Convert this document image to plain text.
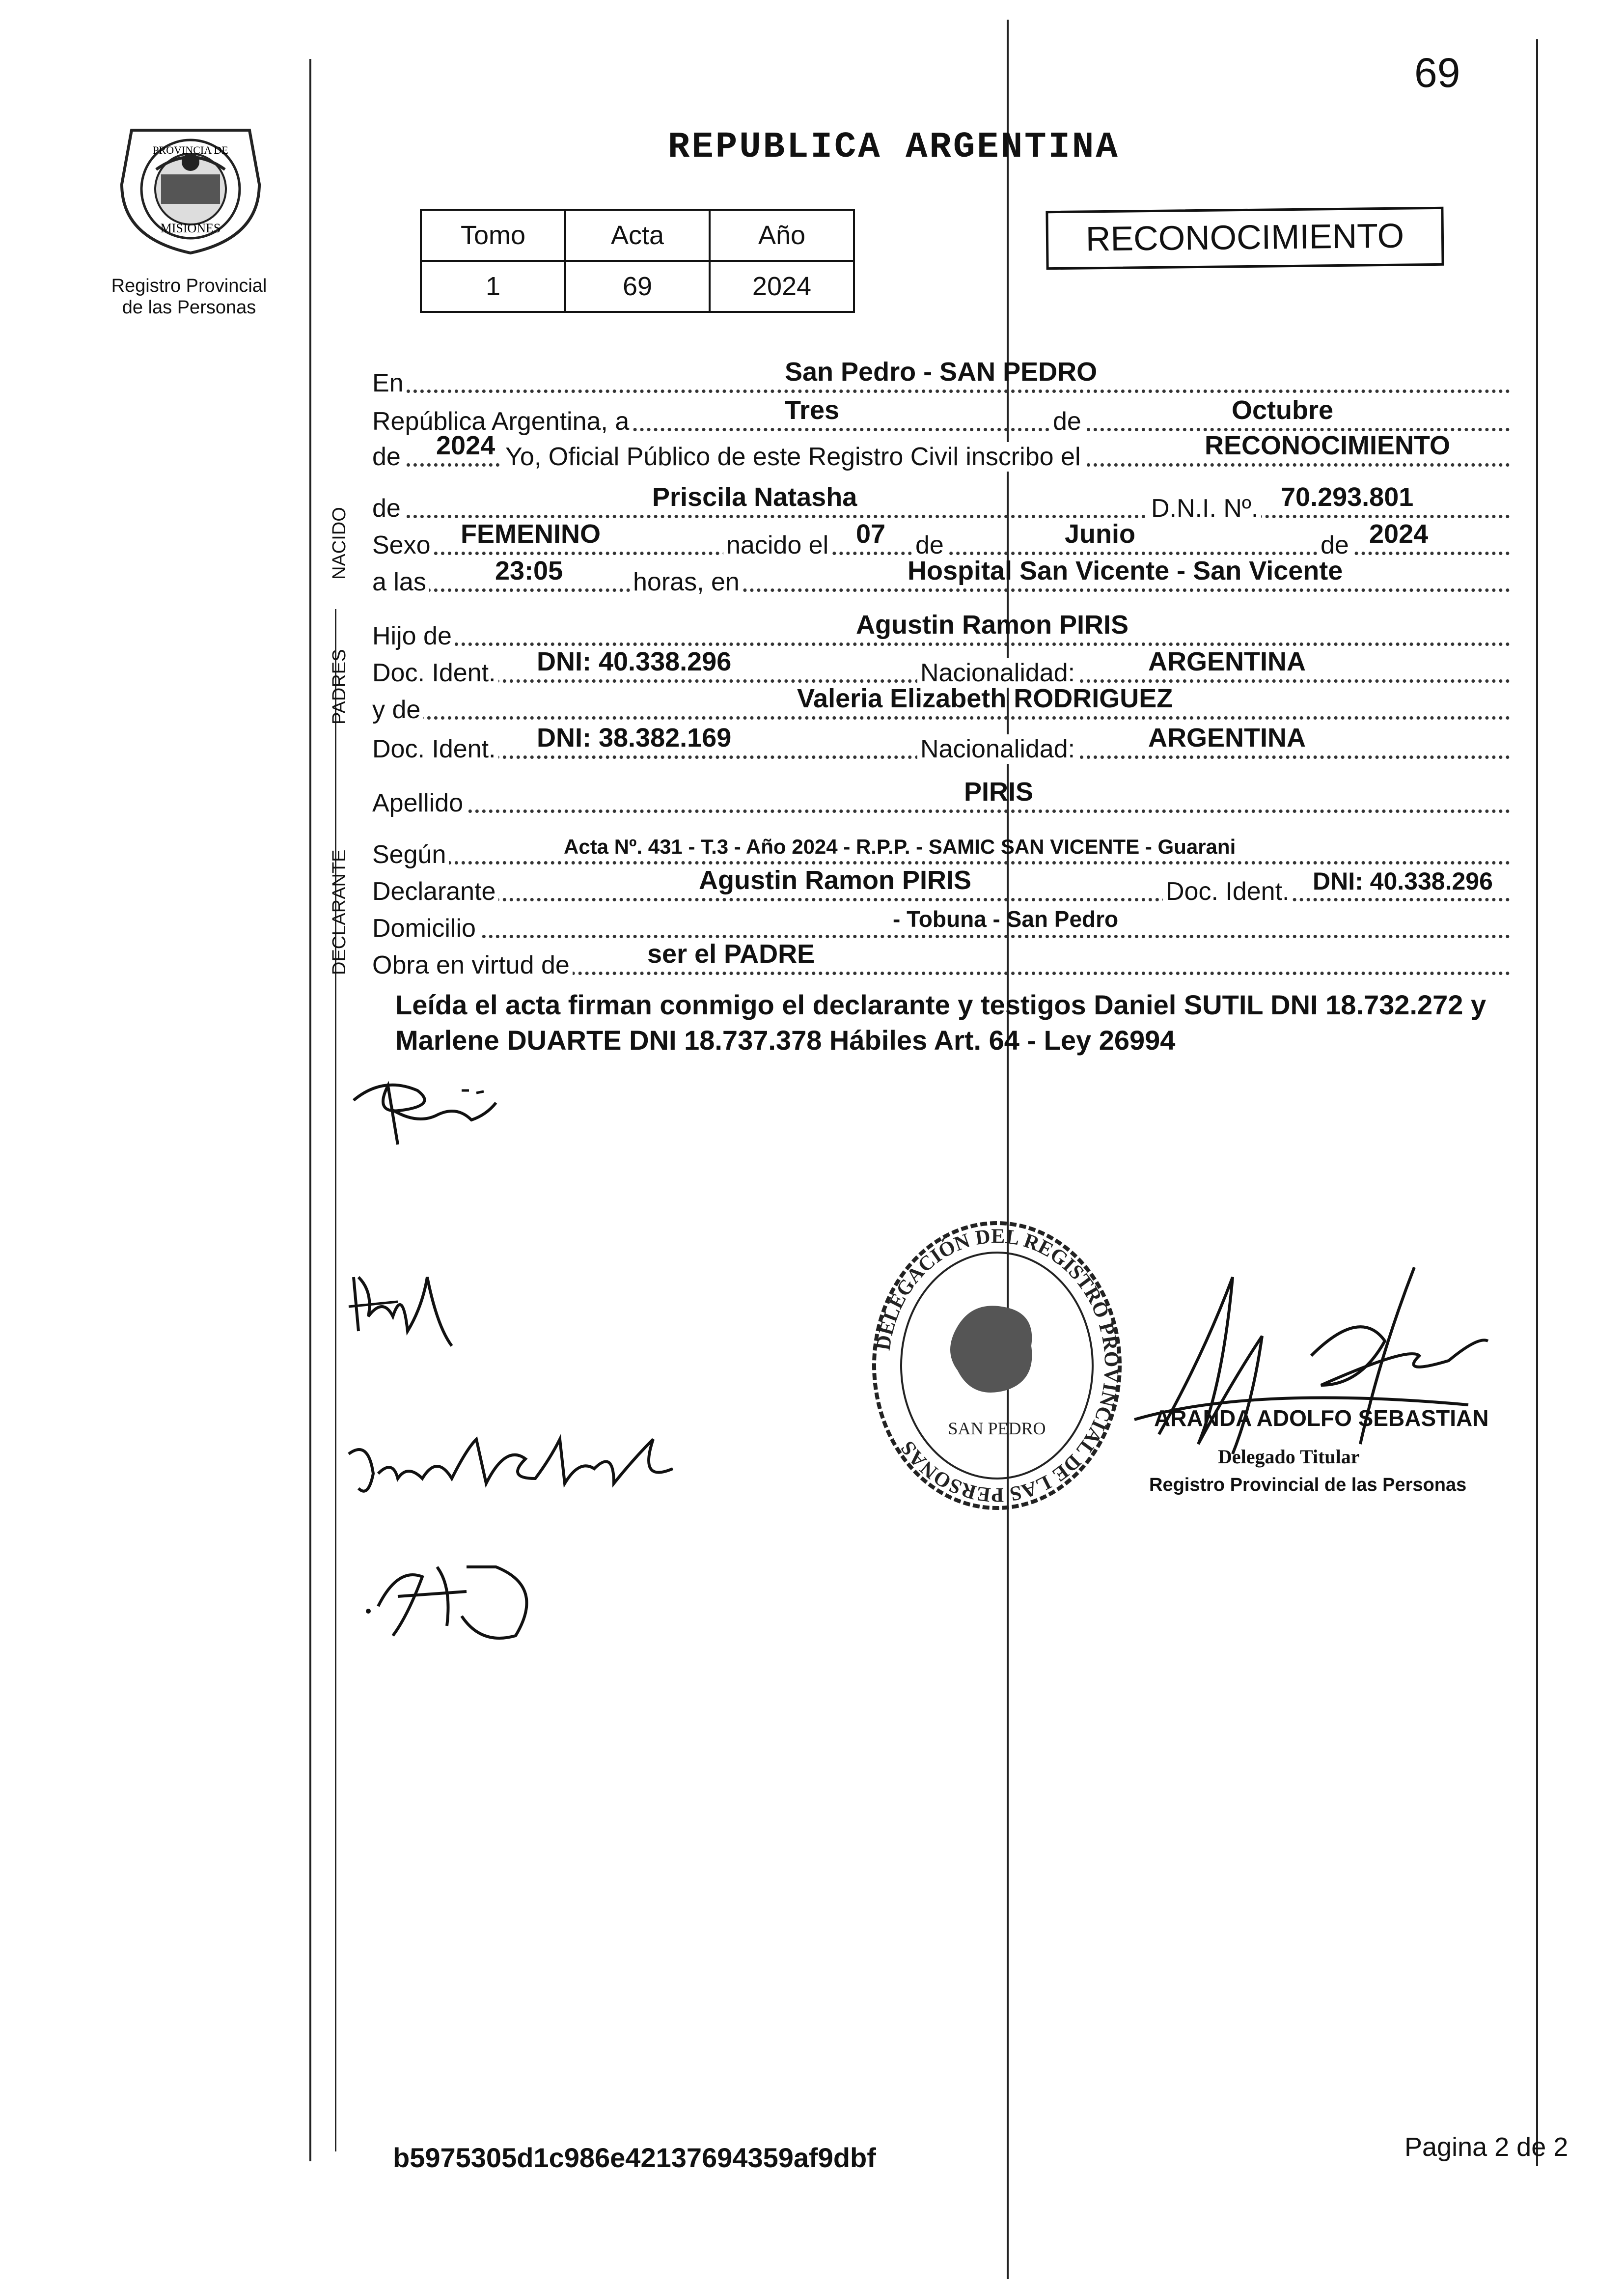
69
REPUBLICA ARGENTINA
PROVINCIA DE
MISIONES
Registro Provincial
de las Personas
Tomo	Acta	Año
1	69	2024
RECONOCIMIENTO
NACIDO
PADRES
DECLARANTE
En	San Pedro - SAN PEDRO
República Argentina, a	Tres	de	Octubre
de 2024 Yo, Oficial Público de este Registro Civil inscribo el	RECONOCIMIENTO
de	Priscila Natasha	D.N.I. Nº. 70.293.801
Sexo FEMENINO	nacido el 07 de	Junio	de 2024
a las	23:05	horas, en	Hospital San Vicente - San Vicente
Hijo de	Agustin Ramon PIRIS
Doc. Ident. DNI: 40.338.296	Nacionalidad:	ARGENTINA
y de	Valeria Elizabeth RODRIGUEZ
Doc. Ident. DNI: 38.382.169	Nacionalidad:	ARGENTINA
Apellido	PIRIS
Según	Acta Nº. 431 - T.3 - Año 2024 - R.P.P. - SAMIC SAN VICENTE - Guarani
Declarante	Agustin Ramon PIRIS	Doc. Ident. DNI: 40.338.296
Domicilio	- Tobuna - San Pedro
Obra en virtud de	ser el PADRE
Leída el acta firman conmigo el declarante y testigos Daniel SUTIL DNI 18.732.272 y Marlene DUARTE DNI 18.737.378 Hábiles Art. 64 - Ley 26994
DELEGACIÓN DEL REGISTRO PROVINCIAL DE LAS PERSONAS
SAN PEDRO	ARANDA ADOLFO SEBASTIAN
Delegado Titular
Registro Provincial de las Personas
b5975305d1c986e42137694359af9dbf	Pagina 2 de 2
